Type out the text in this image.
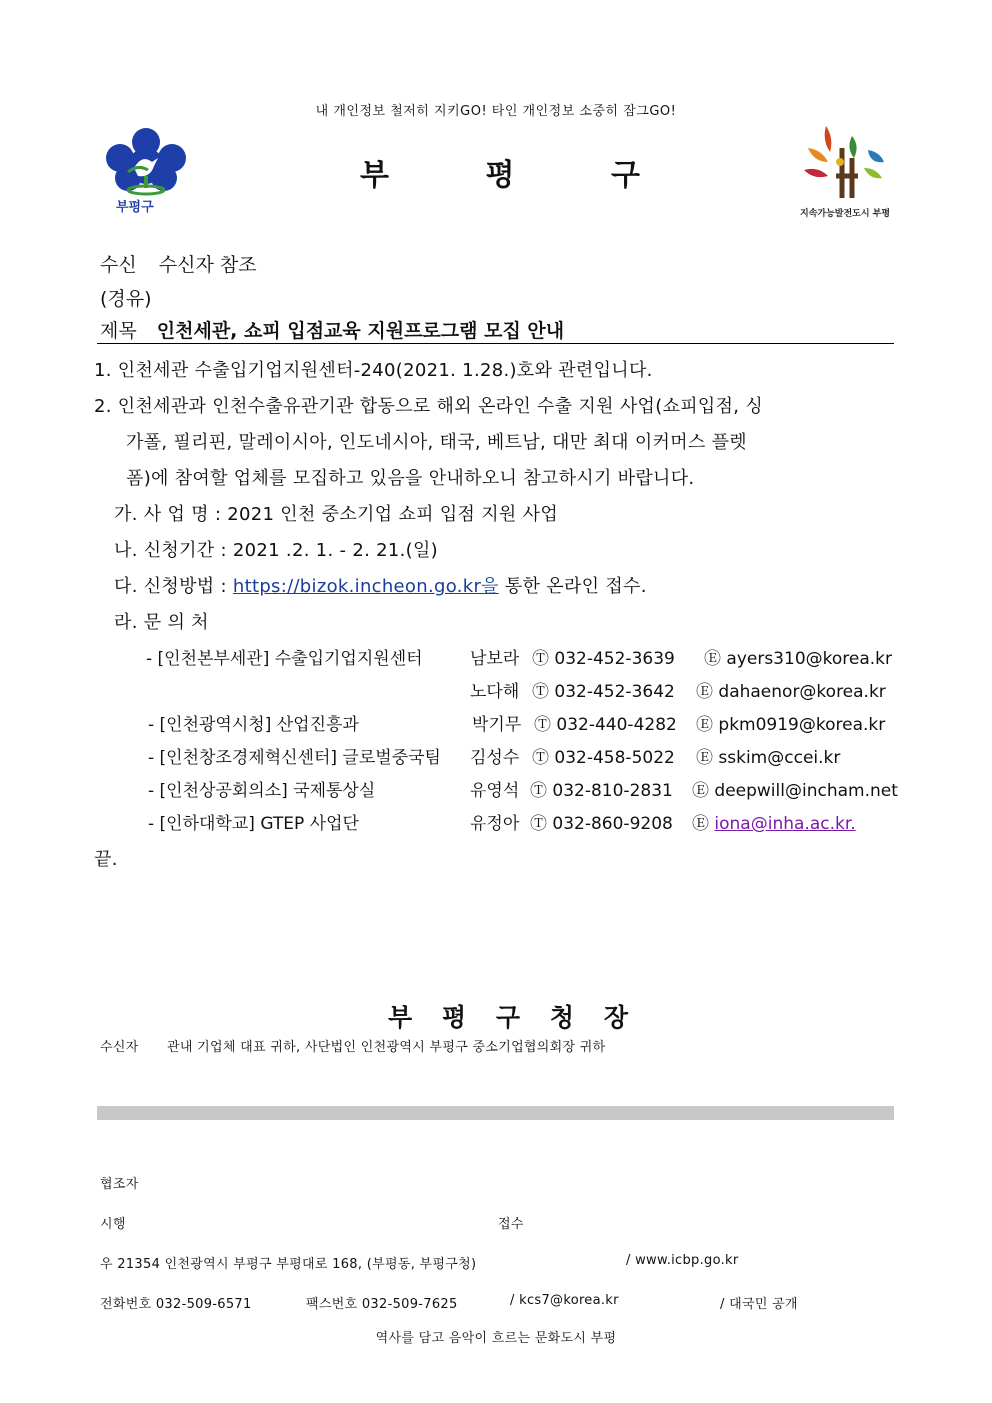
내 개인정보 철저히 지키GO! 타인 개인정보 소중히 잠그GO!
부평구
부	평	구
지속가능발전도시 부평
수신 수신자 참조
(경유)
제목 인천세관, 쇼피 입점교육 지원프로그램 모집 안내
1. 인천세관 수출입기업지원센터-240(2021. 1.28.)호와 관련입니다.
2. 인천세관과 인천수출유관기관 합동으로 해외 온라인 수출 지원 사업(쇼피입점, 싱
가폴, 필리핀, 말레이시아, 인도네시아, 태국, 베트남, 대만 최대 이커머스 플렛
폼)에 참여할 업체를 모집하고 있음을 안내하오니 참고하시기 바랍니다.
가. 사 업 명 : 2021 인천 중소기업 쇼피 입점 지원 사업
나. 신청기간 : 2021 .2. 1. - 2. 21.(일)
다. 신청방법 : https://bizok.incheon.go.kr을 통한 온라인 접수.
라. 문 의 처
- [인천본부세관] 수출입기업지원센터	남보라 Ⓣ 032-452-3639 Ⓔ ayers310@korea.kr
노다해 Ⓣ 032-452-3642 Ⓔ dahaenor@korea.kr
- [인천광역시청] 산업진흥과	박기무 Ⓣ 032-440-4282 Ⓔ pkm0919@korea.kr
- [인천창조경제혁신센터] 글로벌중국팀 김성수 Ⓣ 032-458-5022 Ⓔ sskim@ccei.kr
- [인천상공회의소] 국제통상실	유영석 Ⓣ 032-810-2831 Ⓔ deepwill@incham.net
- [인하대학교] GTEP 사업단	유정아 Ⓣ 032-860-9208 Ⓔ iona@inha.ac.kr.
끝.
부 평 구 청 장
수신자 관내 기업체 대표 귀하, 사단법인 인천광역시 부평구 중소기업협의회장 귀하
협조자
시행	접수
우 21354 인천광역시 부평구 부평대로 168, (부평동, 부평구청)	/ www.icbp.go.kr
전화번호 032-509-6571	팩스번호 032-509-7625	/ kcs7@korea.kr	/ 대국민 공개
역사를 담고 음악이 흐르는 문화도시 부평
